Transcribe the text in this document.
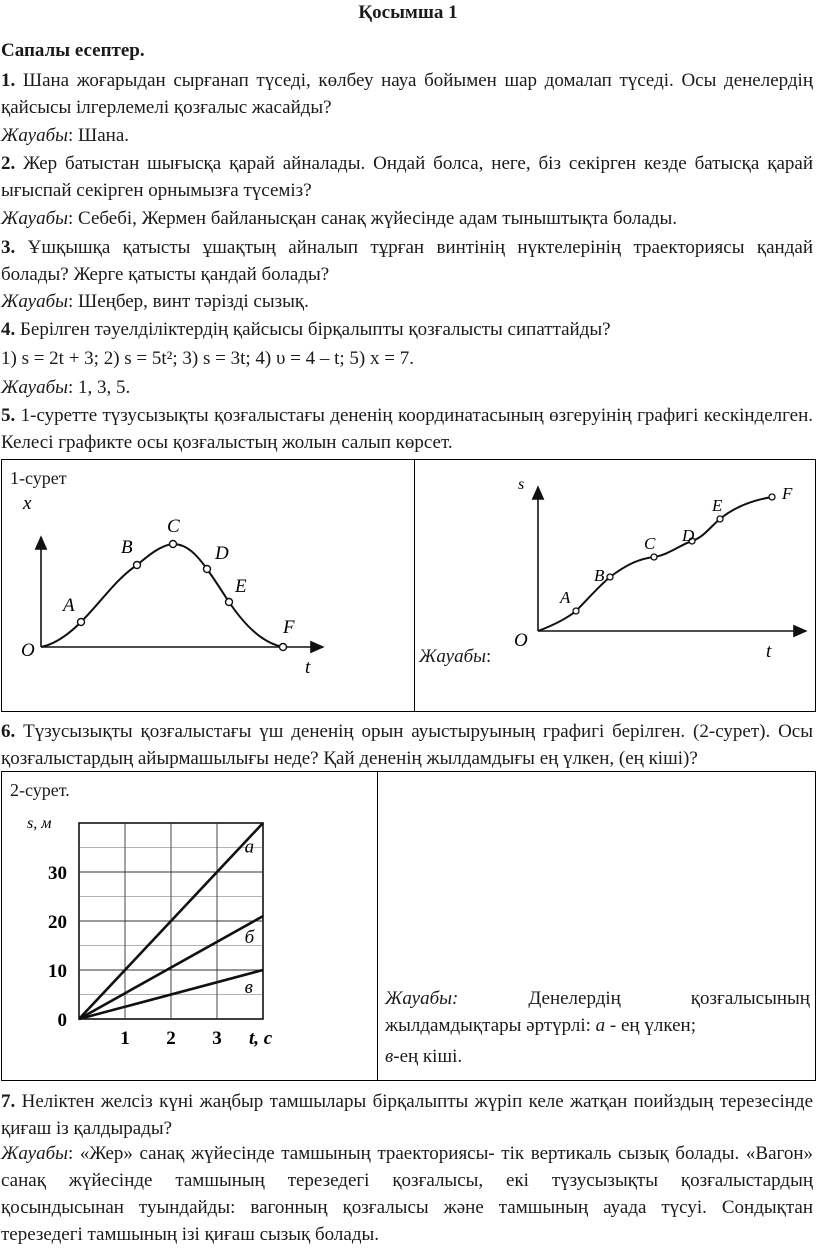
Қосымша 1
Сапалы есептер.

1. Шана жоғарыдан сырғанап түседі, көлбеу науа бойымен шар домалап түседі. Осы денелердің қайсысы ілгерлемелі қозғалыс жасайды?

Жауабы: Шана.

2. Жер батыстан шығысқа қарай айналады. Ондай болса, неге, біз секірген кезде батысқа қарай ығыспай секірген орнымызға түсеміз?

Жауабы: Себебі, Жермен байланысқан санақ жүйесінде адам тыныштықта болады.

3. Ұшқышқа қатысты ұшақтың айналып тұрған винтінің нүктелерінің траекториясы қандай болады? Жерге қатысты қандай болады?

Жауабы: Шеңбер, винт тәрізді сызық.

4. Берілген тәуелділіктердің қайсысы бірқалыпты қозғалысты сипаттайды?

1) s = 2t + 3; 2) s = 5t²; 3) s = 3t; 4) υ = 4 – t; 5) x = 7.

Жауабы: 1, 3, 5.

5. 1-суретте түзусызықты қозғалыстағы дененің координатасының өзгеруінің графигі кескінделген. Келесі графикте осы қозғалыстың жолын салып көрсет.

1-сурет
A
B
C
D
E
F
x
t
O
A
B
C D
E
F
s
t
O
Жауабы:

6. Түзусызықты қозғалыстағы үш дененің орын ауыстыруының графигі берілген. (2-сурет). Осы қозғалыстардың айырмашылығы неде? Қай дененің жылдамдығы ең үлкен, (ең кіші)?

2-сурет.
0
10
20
30
1 2 3
а
б
в
s, м
t, с
Жауабы:	Денелердің	қозғалысының
жылдамдықтары әртүрлі: а - ең үлкен;
в-ең кіші.

7. Неліктен желсіз күні жаңбыр тамшылары бірқалыпты жүріп келе жатқан поийздың терезесінде қиғаш із қалдырады?

Жауабы: «Жер» санақ жүйесінде тамшының траекториясы- тік вертикаль сызық болады. «Вагон» санақ жүйесінде тамшының терезедегі қозғалысы, екі түзусызықты қозғалыстардың қосындысынан туындайды: вагонның қозғалысы және тамшының ауада түсуі. Сондықтан терезедегі тамшының ізі қиғаш сызық болады.
